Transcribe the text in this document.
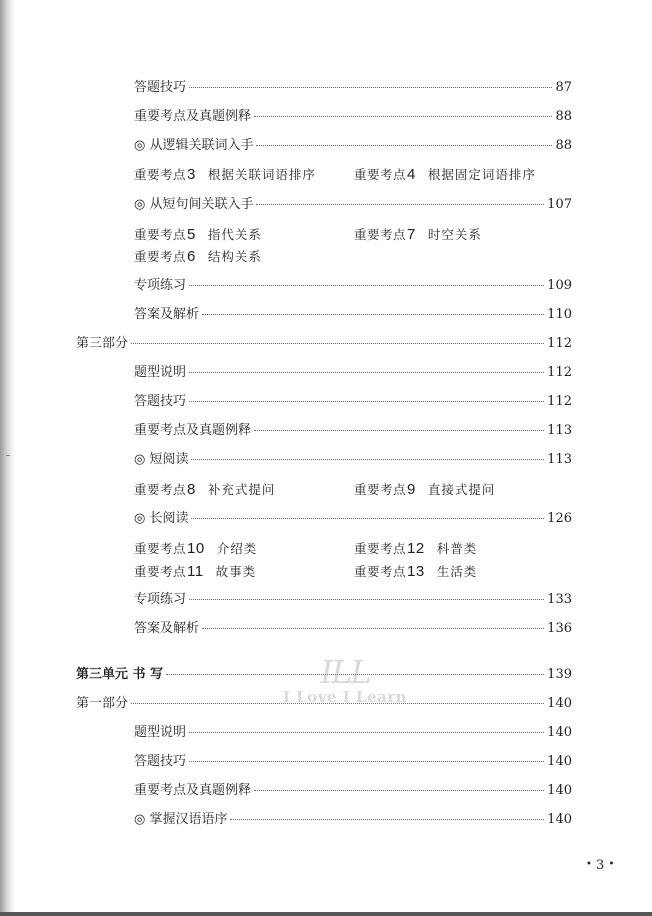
答题技巧	87
重要考点及真题例释	88
◎ 从逻辑关联词入手	88
重要考点3 根据关联词语排序	重要考点4 根据固定词语排序
◎ 从短句间关联入手	107
重要考点5 指代关系	重要考点7 时空关系
重要考点6 结构关系
专项练习	109
答案及解析	110
第三部分	112
题型说明	112
答题技巧	112
重要考点及真题例释	113
◎ 短阅读	113
重要考点8 补充式提问	重要考点9 直接式提问
◎ 长阅读	126
重要考点10 介绍类	重要考点12 科普类
重要考点11 故事类	重要考点13 生活类
专项练习	133
答案及解析	136
第三单元 书 写	139
第一部分	140
题型说明	140
答题技巧	140
重要考点及真题例释	140
◎ 掌握汉语语序	140
ILL
I Love I Learn
• 3 •
